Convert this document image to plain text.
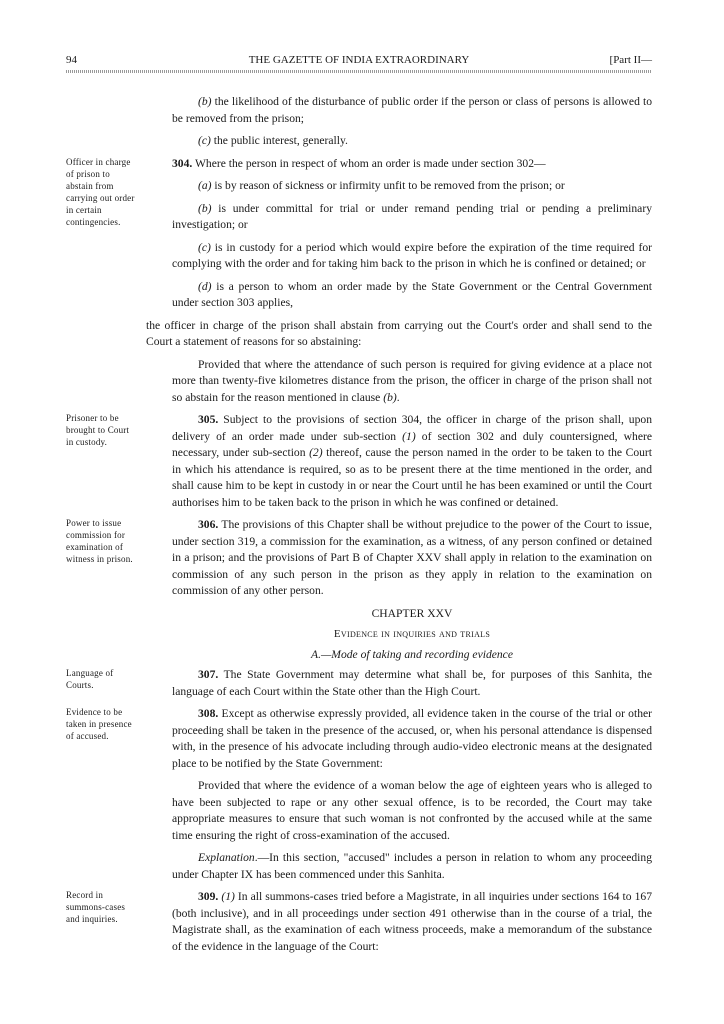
94	THE GAZETTE OF INDIA EXTRAORDINARY	[Part II—

(b) the likelihood of the disturbance of public order if the person or class of persons is allowed to be removed from the prison;

(c) the public interest, generally.

Officer in charge of prison to abstain from carrying out order in certain contingencies.

304. Where the person in respect of whom an order is made under section 302—

(a) is by reason of sickness or infirmity unfit to be removed from the prison; or

(b) is under committal for trial or under remand pending trial or pending a preliminary investigation; or

(c) is in custody for a period which would expire before the expiration of the time required for complying with the order and for taking him back to the prison in which he is confined or detained; or

(d) is a person to whom an order made by the State Government or the Central Government under section 303 applies,

the officer in charge of the prison shall abstain from carrying out the Court's order and shall send to the Court a statement of reasons for so abstaining:

Provided that where the attendance of such person is required for giving evidence at a place not more than twenty-five kilometres distance from the prison, the officer in charge of the prison shall not so abstain for the reason mentioned in clause (b).

Prisoner to be brought to Court in custody.

305. Subject to the provisions of section 304, the officer in charge of the prison shall, upon delivery of an order made under sub-section (1) of section 302 and duly countersigned, where necessary, under sub-section (2) thereof, cause the person named in the order to be taken to the Court in which his attendance is required, so as to be present there at the time mentioned in the order, and shall cause him to be kept in custody in or near the Court until he has been examined or until the Court authorises him to be taken back to the prison in which he was confined or detained.

Power to issue commission for examination of witness in prison.

306. The provisions of this Chapter shall be without prejudice to the power of the Court to issue, under section 319, a commission for the examination, as a witness, of any person confined or detained in a prison; and the provisions of Part B of Chapter XXV shall apply in relation to the examination on commission of any such person in the prison as they apply in relation to the examination on commission of any other person.

CHAPTER XXV
Evidence in inquiries and trials
A.—Mode of taking and recording evidence
Language of Courts.

307. The State Government may determine what shall be, for purposes of this Sanhita, the language of each Court within the State other than the High Court.

Evidence to be taken in presence of accused.

308. Except as otherwise expressly provided, all evidence taken in the course of the trial or other proceeding shall be taken in the presence of the accused, or, when his personal attendance is dispensed with, in the presence of his advocate including through audio-video electronic means at the designated place to be notified by the State Government:

Provided that where the evidence of a woman below the age of eighteen years who is alleged to have been subjected to rape or any other sexual offence, is to be recorded, the Court may take appropriate measures to ensure that such woman is not confronted by the accused while at the same time ensuring the right of cross-examination of the accused.

Explanation.—In this section, "accused" includes a person in relation to whom any proceeding under Chapter IX has been commenced under this Sanhita.

Record in summons-cases and inquiries.

309. (1) In all summons-cases tried before a Magistrate, in all inquiries under sections 164 to 167 (both inclusive), and in all proceedings under section 491 otherwise than in the course of a trial, the Magistrate shall, as the examination of each witness proceeds, make a memorandum of the substance of the evidence in the language of the Court:
